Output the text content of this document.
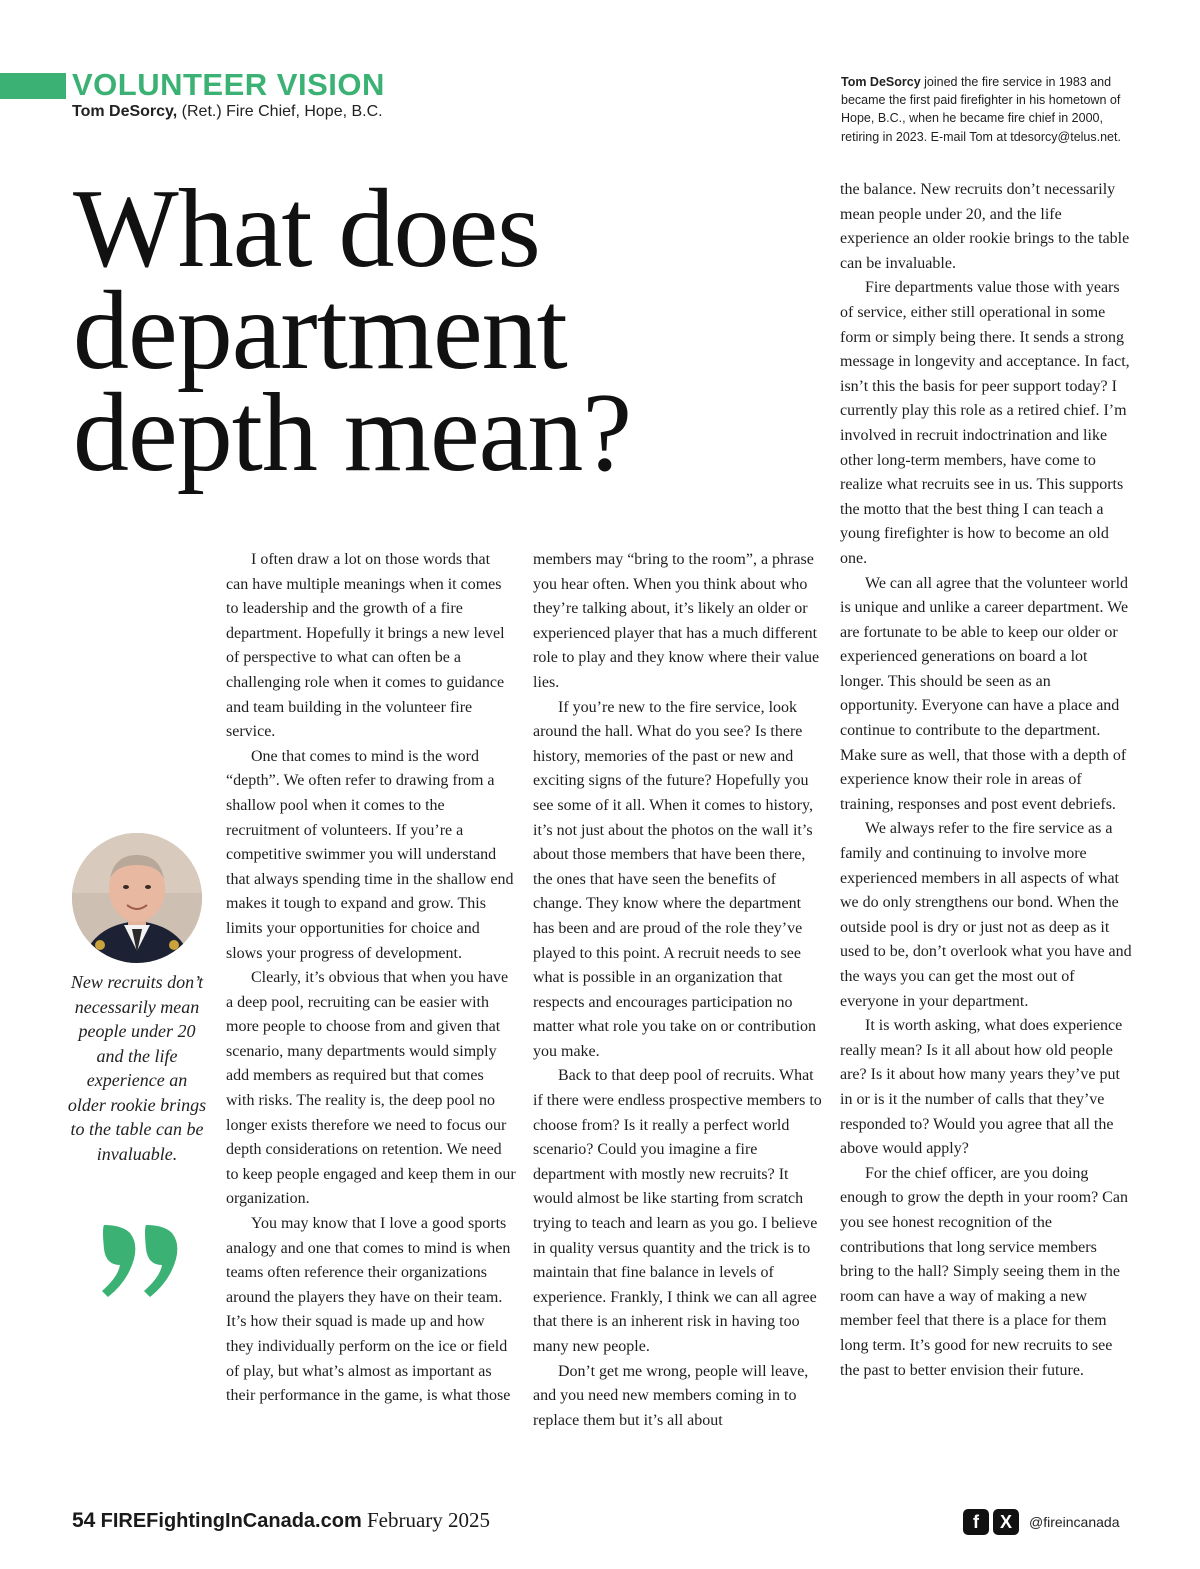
VOLUNTEER VISION
Tom DeSorcy, (Ret.) Fire Chief, Hope, B.C.
Tom DeSorcy joined the fire service in 1983 and became the first paid firefighter in his hometown of Hope, B.C., when he became fire chief in 2000, retiring in 2023. E-mail Tom at tdesorcy@telus.net.
What does
department
depth mean?
New recruits don’t necessarily mean people under 20 and the life experience an older rookie brings to the table can be invaluable.

I often draw a lot on those words that can have multiple meanings when it comes to leadership and the growth of a fire department. Hopefully it brings a new level of perspective to what can often be a challenging role when it comes to guidance and team building in the volunteer fire service.

One that comes to mind is the word “depth”. We often refer to drawing from a shallow pool when it comes to the recruitment of volunteers. If you’re a competitive swimmer you will understand that always spending time in the shallow end makes it tough to expand and grow. This limits your opportunities for choice and slows your progress of development.

Clearly, it’s obvious that when you have a deep pool, recruiting can be easier with more people to choose from and given that scenario, many departments would simply add members as required but that comes with risks. The reality is, the deep pool no longer exists therefore we need to focus our depth considerations on retention. We need to keep people engaged and keep them in our organization.

You may know that I love a good sports analogy and one that comes to mind is when teams often reference their organizations around the players they have on their team. It’s how their squad is made up and how they individually perform on the ice or field of play, but what’s almost as important as their performance in the game, is what those

members may “bring to the room”, a phrase you hear often. When you think about who they’re talking about, it’s likely an older or experienced player that has a much different role to play and they know where their value lies.

If you’re new to the fire service, look around the hall. What do you see? Is there history, memories of the past or new and exciting signs of the future? Hopefully you see some of it all. When it comes to history, it’s not just about the photos on the wall it’s about those members that have been there, the ones that have seen the benefits of change. They know where the department has been and are proud of the role they’ve played to this point. A recruit needs to see what is possible in an organization that respects and encourages participation no matter what role you take on or contribution you make.

Back to that deep pool of recruits. What if there were endless prospective members to choose from? Is it really a perfect world scenario? Could you imagine a fire department with mostly new recruits? It would almost be like starting from scratch trying to teach and learn as you go. I believe in quality versus quantity and the trick is to maintain that fine balance in levels of experience. Frankly, I think we can all agree that there is an inherent risk in having too many new people.

Don’t get me wrong, people will leave, and you need new members coming in to replace them but it’s all about

the balance. New recruits don’t necessarily mean people under 20, and the life experience an older rookie brings to the table can be invaluable.

Fire departments value those with years of service, either still operational in some form or simply being there. It sends a strong message in longevity and acceptance. In fact, isn’t this the basis for peer support today? I currently play this role as a retired chief. I’m involved in recruit indoctrination and like other long-term members, have come to realize what recruits see in us. This supports the motto that the best thing I can teach a young firefighter is how to become an old one.

We can all agree that the volunteer world is unique and unlike a career department. We are fortunate to be able to keep our older or experienced generations on board a lot longer. This should be seen as an opportunity. Everyone can have a place and continue to contribute to the department. Make sure as well, that those with a depth of experience know their role in areas of training, responses and post event debriefs.

We always refer to the fire service as a family and continuing to involve more experienced members in all aspects of what we do only strengthens our bond. When the outside pool is dry or just not as deep as it used to be, don’t overlook what you have and the ways you can get the most out of everyone in your department.

It is worth asking, what does experience really mean? Is it all about how old people are? Is it about how many years they’ve put in or is it the number of calls that they’ve responded to? Would you agree that all the above would apply?

For the chief officer, are you doing enough to grow the depth in your room? Can you see honest recognition of the contributions that long service members bring to the hall? Simply seeing them in the room can have a way of making a new member feel that there is a place for them long term. It’s good for new recruits to see the past to better envision their future.

54 FIREFightingInCanada.com February 2025	f	X	@fireincanada
